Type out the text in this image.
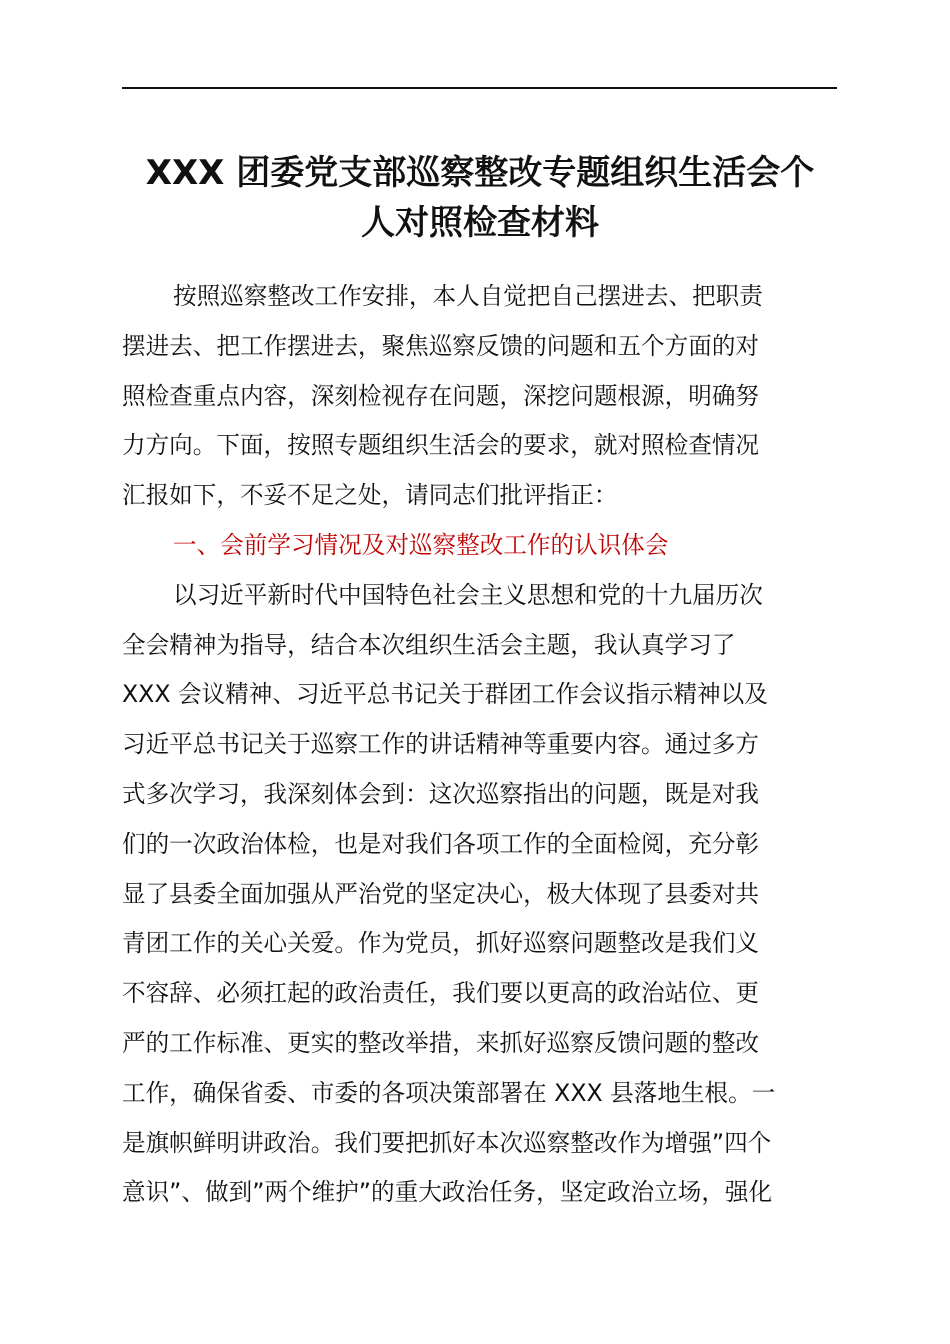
XXX 团委党支部巡察整改专题组织生活会个
人对照检查材料
按照巡察整改工作安排，本人自觉把自己摆进去、把职责
摆进去、把工作摆进去，聚焦巡察反馈的问题和五个方面的对
照检查重点内容，深刻检视存在问题，深挖问题根源，明确努
力方向。下面，按照专题组织生活会的要求，就对照检查情况
汇报如下，不妥不足之处，请同志们批评指正：
一、会前学习情况及对巡察整改工作的认识体会
以习近平新时代中国特色社会主义思想和党的十九届历次
全会精神为指导，结合本次组织生活会主题，我认真学习了
XXX 会议精神、习近平总书记关于群团工作会议指示精神以及
习近平总书记关于巡察工作的讲话精神等重要内容。通过多方
式多次学习，我深刻体会到：这次巡察指出的问题，既是对我
们的一次政治体检，也是对我们各项工作的全面检阅，充分彰
显了县委全面加强从严治党的坚定决心，极大体现了县委对共
青团工作的关心关爱。作为党员，抓好巡察问题整改是我们义
不容辞、必须扛起的政治责任，我们要以更高的政治站位、更
严的工作标准、更实的整改举措，来抓好巡察反馈问题的整改
工作，确保省委、市委的各项决策部署在 XXX 县落地生根。一
是旗帜鲜明讲政治。我们要把抓好本次巡察整改作为增强”四个
意识”、做到”两个维护”的重大政治任务，坚定政治立场，强化
